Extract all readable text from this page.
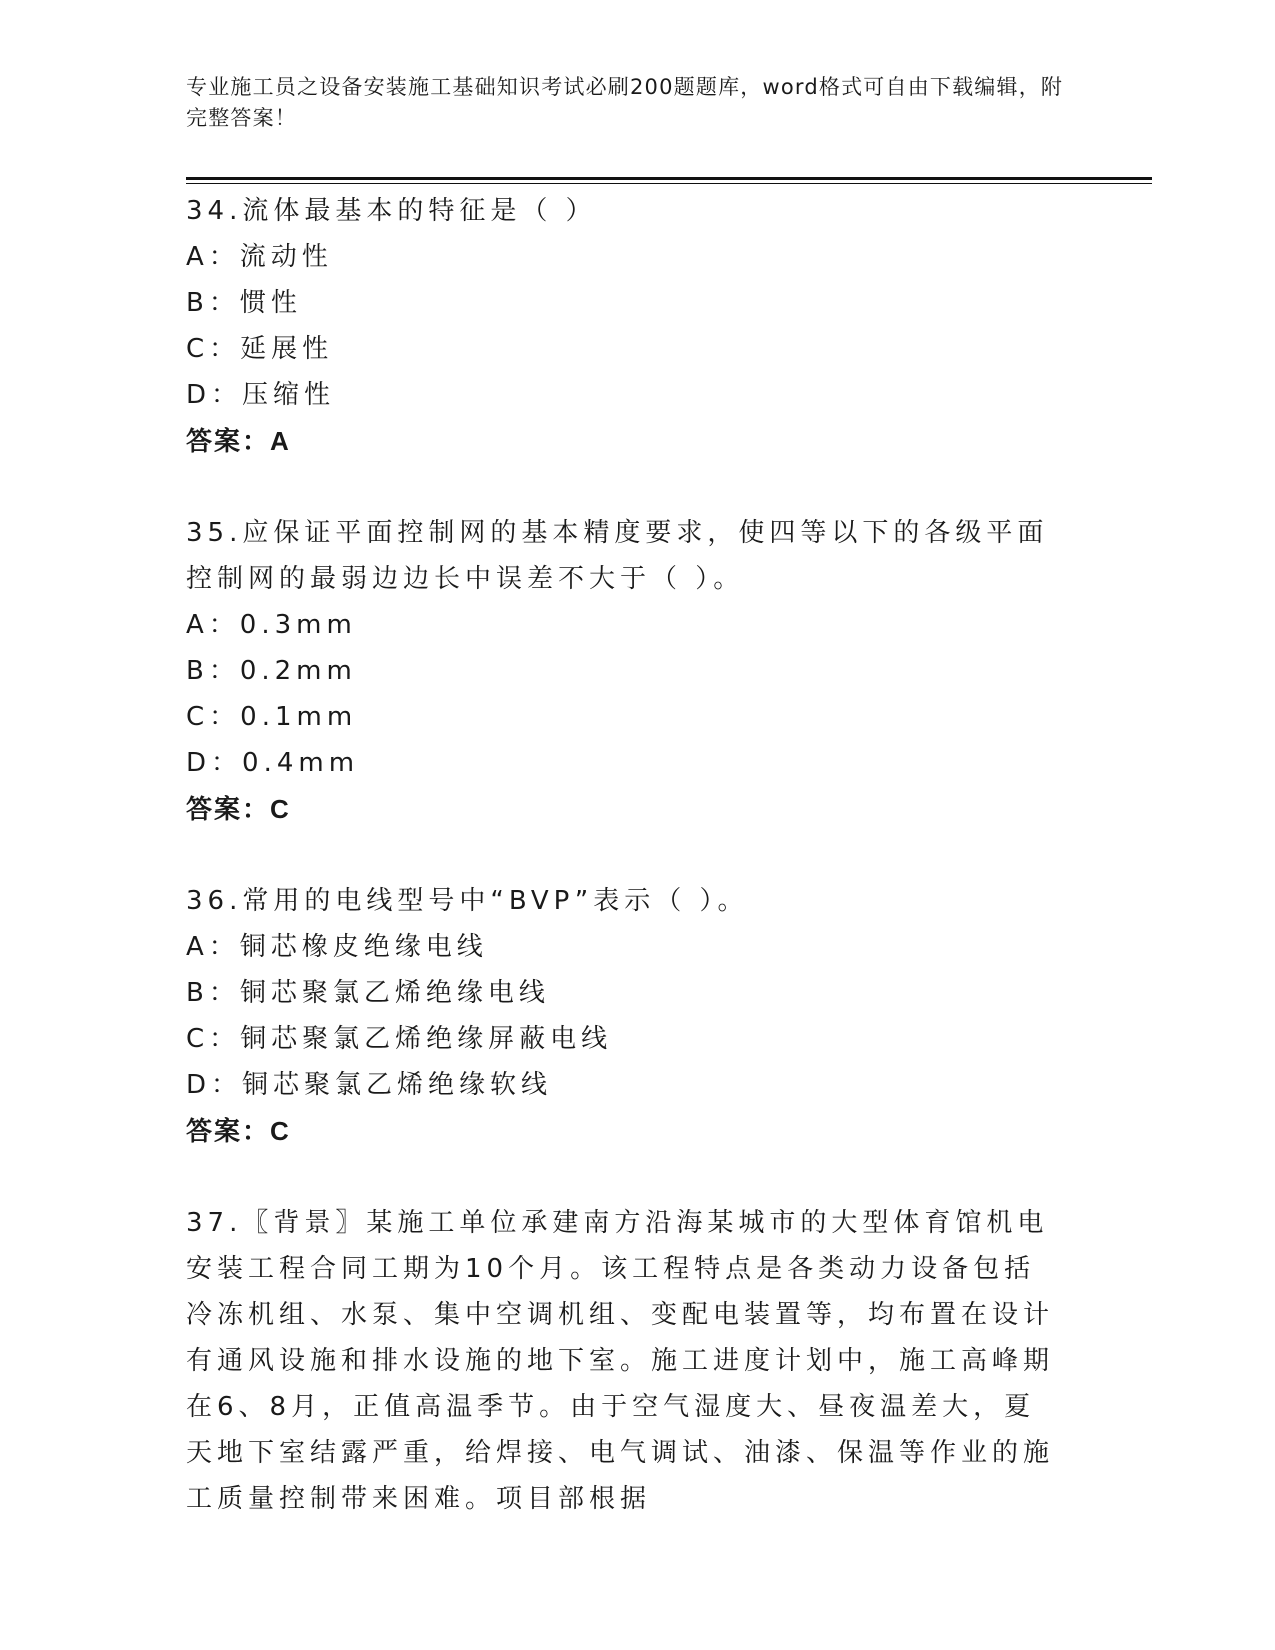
专业施工员之设备安装施工基础知识考试必刷200题题库，word格式可自由下载编辑，附完整答案！
34.流体最基本的特征是（ ）
A：流动性
B：惯性
C：延展性
D：压缩性
答案：A
35.应保证平面控制网的基本精度要求，使四等以下的各级平面控制网的最弱边边长中误差不大于（ ）。
A：0.3mm
B：0.2mm
C：0.1mm
D：0.4mm
答案：C
36.常用的电线型号中“BVP”表示（ ）。
A：铜芯橡皮绝缘电线
B：铜芯聚氯乙烯绝缘电线
C：铜芯聚氯乙烯绝缘屏蔽电线
D：铜芯聚氯乙烯绝缘软线
答案：C
37.〖背景〗某施工单位承建南方沿海某城市的大型体育馆机电安装工程合同工期为10个月。该工程特点是各类动力设备包括冷冻机组、水泵、集中空调机组、变配电装置等，均布置在设计有通风设施和排水设施的地下室。施工进度计划中，施工高峰期在6、8月，正值高温季节。由于空气湿度大、昼夜温差大，夏天地下室结露严重，给焊接、电气调试、油漆、保温等作业的施工质量控制带来困难。项目部根据
